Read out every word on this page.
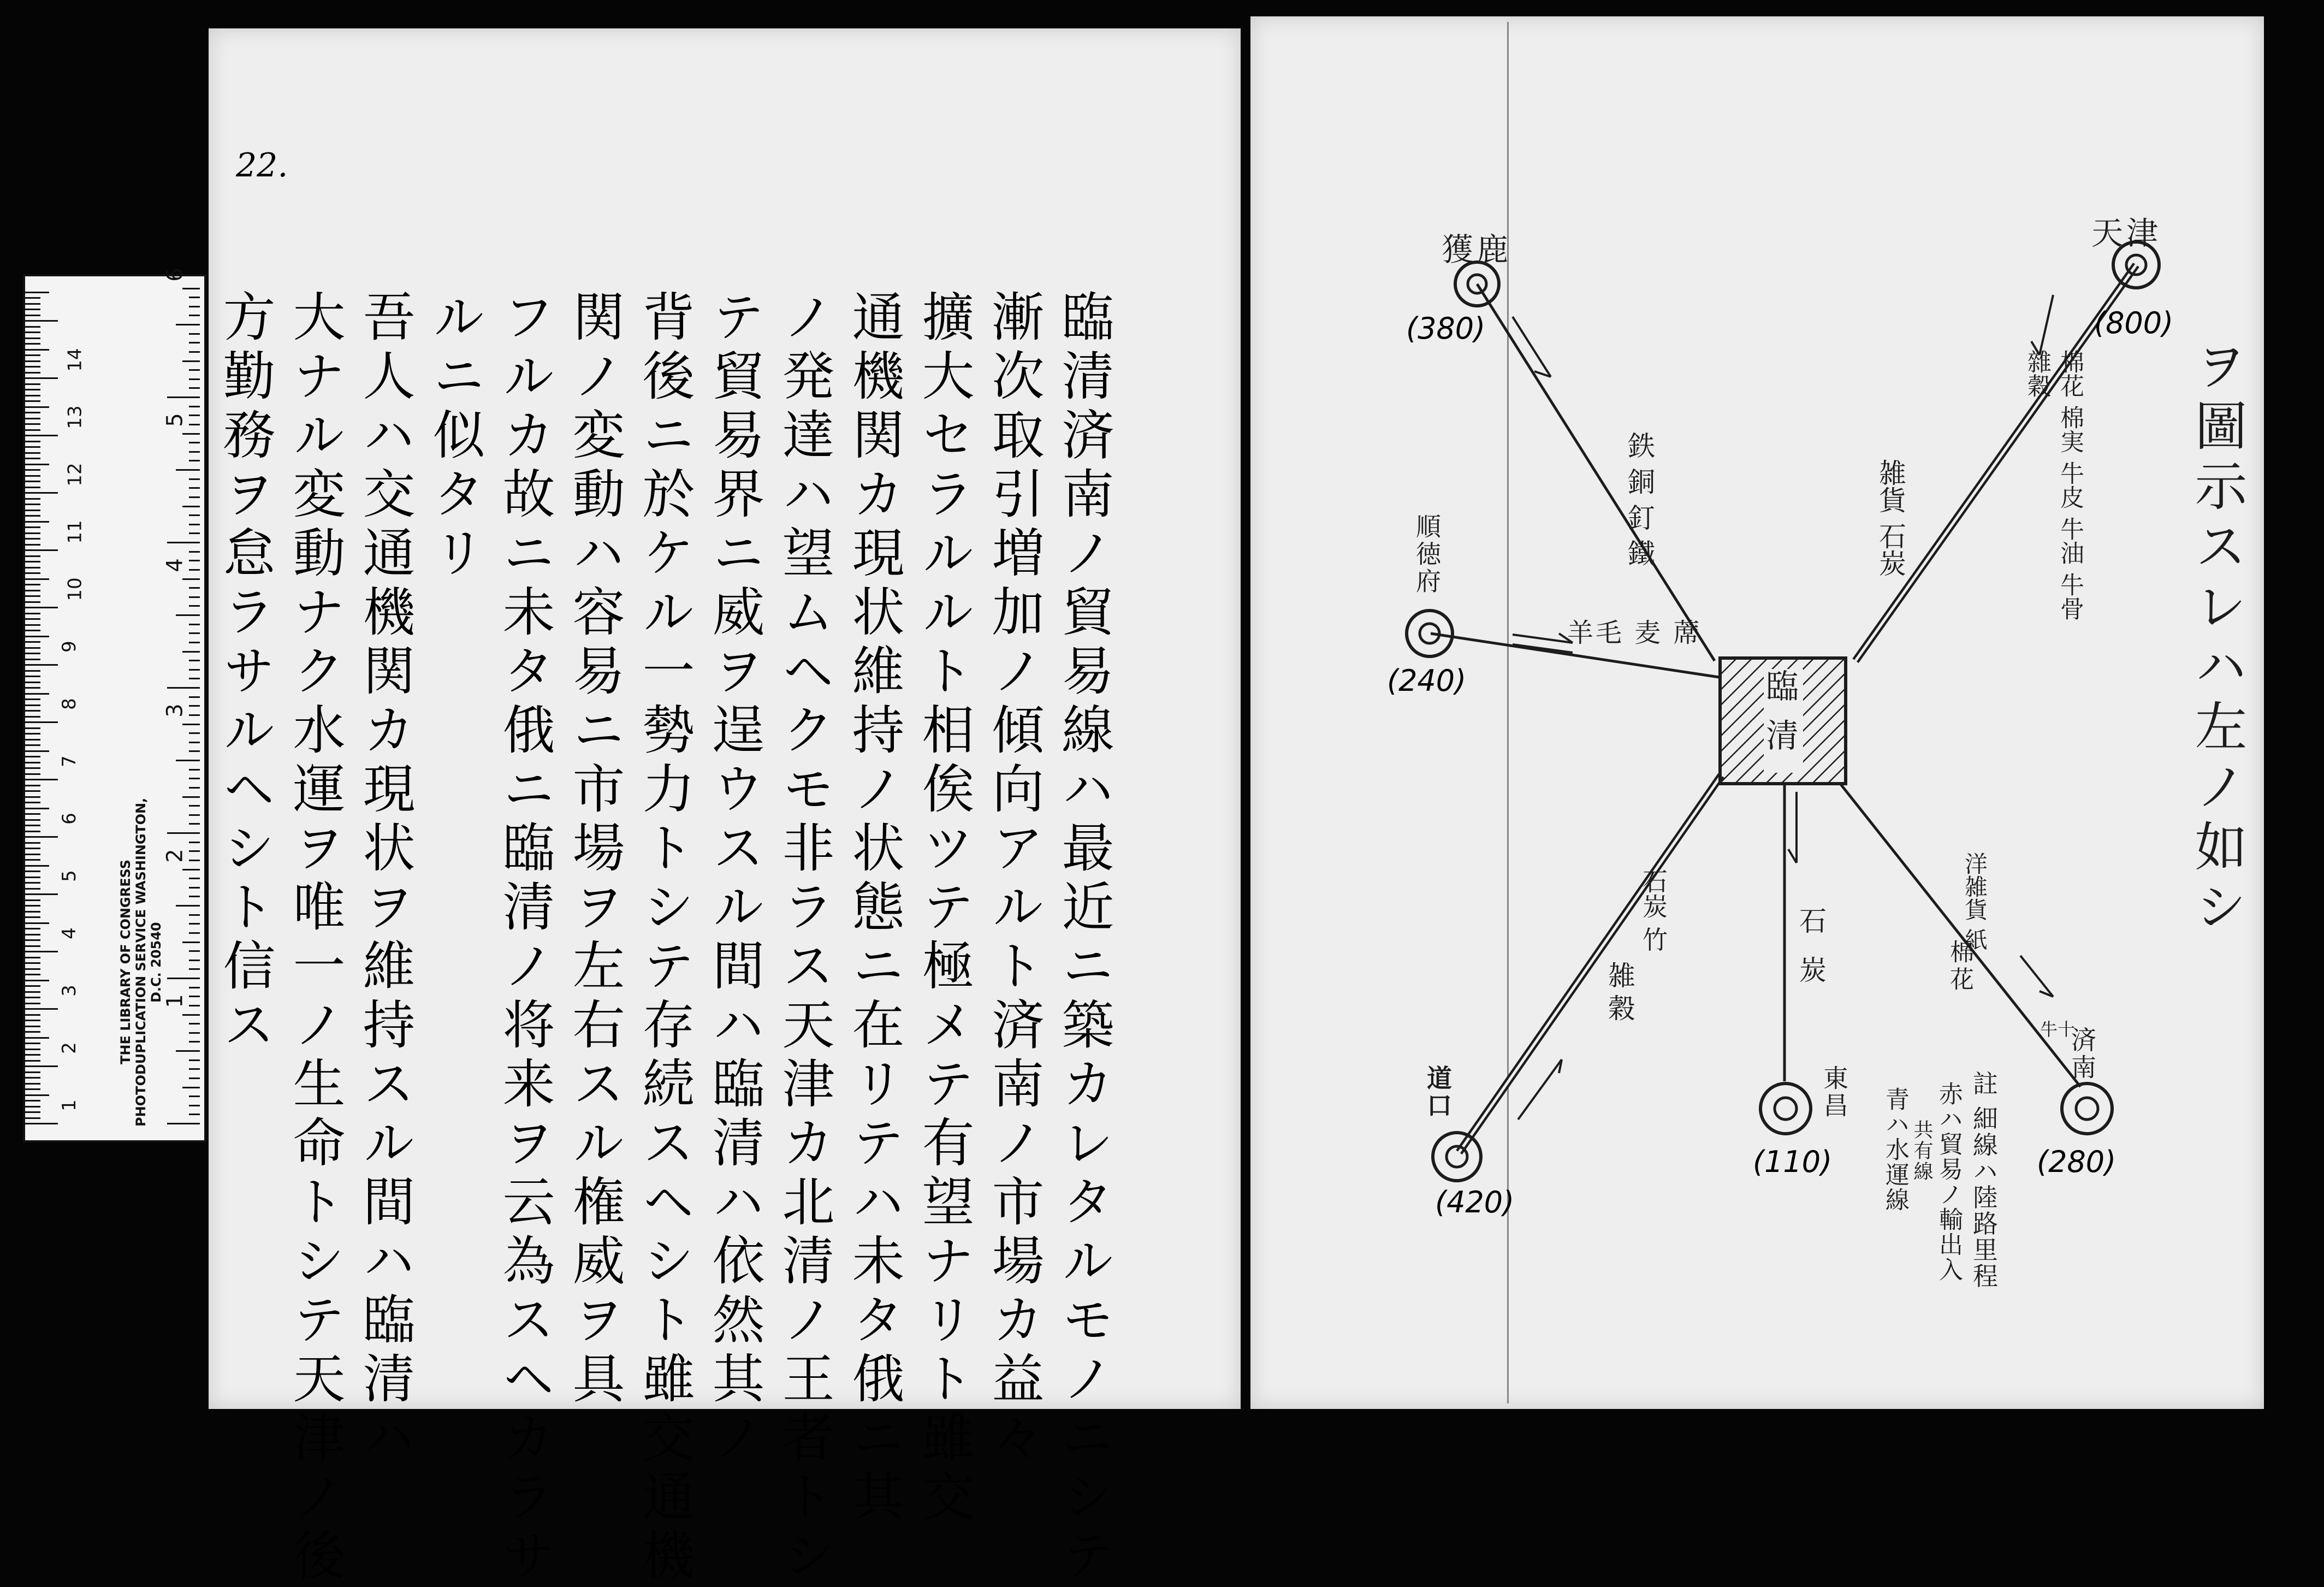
1
2
3
4
5
6
7
8
9
10
11
12
13
14
1
2
3
4
5
6
THE LIBRARY OF CONGRESS PHOTODUPLICATION SERVICE WASHINGTON, D.C. 20540
22.
臨清済南ノ貿易線ハ最近ニ築カレタルモノニシテ
漸次取引増加ノ傾向アルト済南ノ市場カ益々
擴大セラルルト相俟ツテ極メテ有望ナリト雖交
通機関カ現状維持ノ状態ニ在リテハ未タ俄ニ其
ノ発達ハ望ムヘクモ非ラス天津カ北清ノ王者トシ
テ貿易界ニ威ヲ逞ウスル間ハ臨清ハ依然其ノ
背後ニ於ケル一勢力トシテ存続スヘシト雖交通機
関ノ変動ハ容易ニ市場ヲ左右スル権威ヲ具
フルカ故ニ未タ俄ニ臨清ノ将来ヲ云為スヘカラサ
ルニ似タリ
吾人ハ交通機関カ現状ヲ維持スル間ハ臨清ハ
大ナル変動ナク水運ヲ唯一ノ生命トシテ天津ノ後
方勤務ヲ怠ラサルヘシト信ス	ヲ圖示スレハ左ノ如シ
臨清
天津
(800)
獲鹿
(380)
順徳府
(240)
道口
(420)
東昌
(110)
済南
(280)
棉花 棉実 牛皮 牛油 牛骨 雜穀
雑貨 石炭
鉄 銅 釘 鐵
羊毛 麦 蓆
石炭 竹
雑穀	石炭
洋雑貨 紙
棉花
牛十
註 細線ハ陸路里程
赤ハ貿易ノ輸出入
共有線
青ハ水運線
